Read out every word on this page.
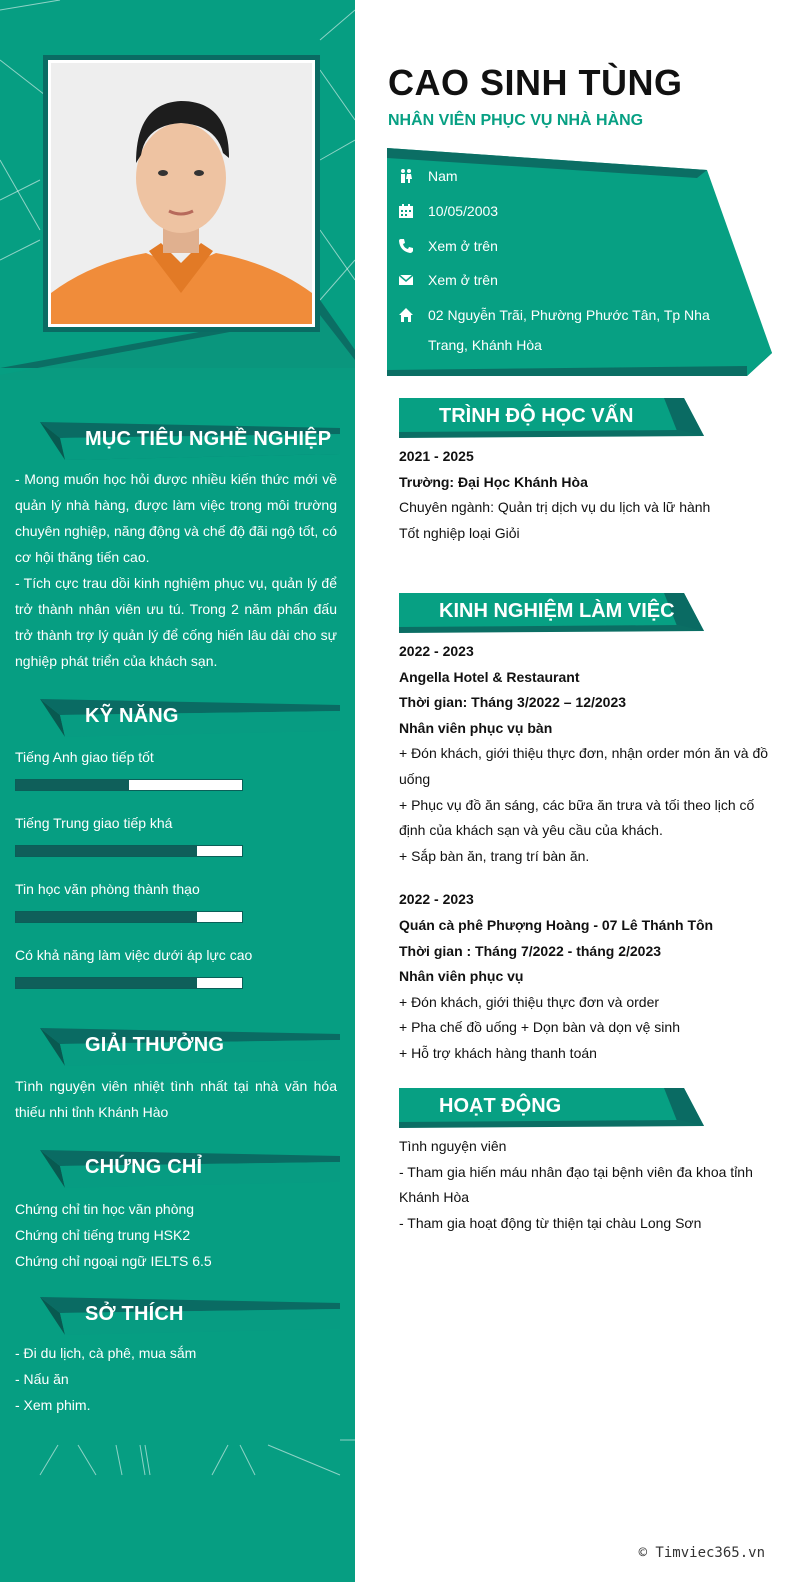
MỤC TIÊU NGHỀ NGHIỆP
- Mong muốn học hỏi được nhiều kiến thức mới về quản lý nhà hàng, được làm việc trong môi trường chuyên nghiệp, năng động và chế độ đãi ngộ tốt, có cơ hội thăng tiến cao.
- Tích cực trau dồi kinh nghiệm phục vụ, quản lý để trở thành nhân viên ưu tú. Trong 2 năm phấn đấu trở thành trợ lý quản lý để cống hiến lâu dài cho sự nghiệp phát triển của khách sạn.
KỸ NĂNG
Tiếng Anh giao tiếp tốt
Tiếng Trung giao tiếp khá
Tin học văn phòng thành thạo
Có khả năng làm việc dưới áp lực cao
GIẢI THƯỞNG
Tình nguyện viên nhiệt tình nhất tại nhà văn hóa thiếu nhi tỉnh Khánh Hào
CHỨNG CHỈ
Chứng chỉ tin học văn phòng
Chứng chỉ tiếng trung HSK2
Chứng chỉ ngoại ngữ IELTS 6.5
SỞ THÍCH
- Đi du lịch, cà phê, mua sắm
- Nấu ăn
- Xem phim.
CAO SINH TÙNG
NHÂN VIÊN PHỤC VỤ NHÀ HÀNG
Nam
10/05/2003
Xem ở trên
Xem ở trên
02 Nguyễn Trãi, Phường Phước Tân, Tp Nha Trang, Khánh Hòa
TRÌNH ĐỘ HỌC VẤN
2021 - 2025
Trường: Đại Học Khánh Hòa
Chuyên ngành: Quản trị dịch vụ du lịch và lữ hành
Tốt nghiệp loại Giỏi
KINH NGHIỆM LÀM VIỆC
2022 - 2023
Angella Hotel & Restaurant
Thời gian: Tháng 3/2022 – 12/2023
Nhân viên phục vụ bàn
+ Đón khách, giới thiệu thực đơn, nhận order món ăn và đồ uống
+ Phục vụ đồ ăn sáng, các bữa ăn trưa và tối theo lịch cố định của khách sạn và yêu cầu của khách.
+ Sắp bàn ăn, trang trí bàn ăn.
2022 - 2023
Quán cà phê Phượng Hoàng - 07 Lê Thánh Tôn
Thời gian : Tháng 7/2022 - tháng 2/2023
Nhân viên phục vụ
+ Đón khách, giới thiệu thực đơn và order
+ Pha chế đồ uống + Dọn bàn và dọn vệ sinh
+ Hỗ trợ khách hàng thanh toán
HOẠT ĐỘNG
Tình nguyện viên
- Tham gia hiến máu nhân đạo tại bệnh viên đa khoa tỉnh Khánh Hòa
- Tham gia hoạt động từ thiện tại chàu Long Sơn
© Timviec365.vn
